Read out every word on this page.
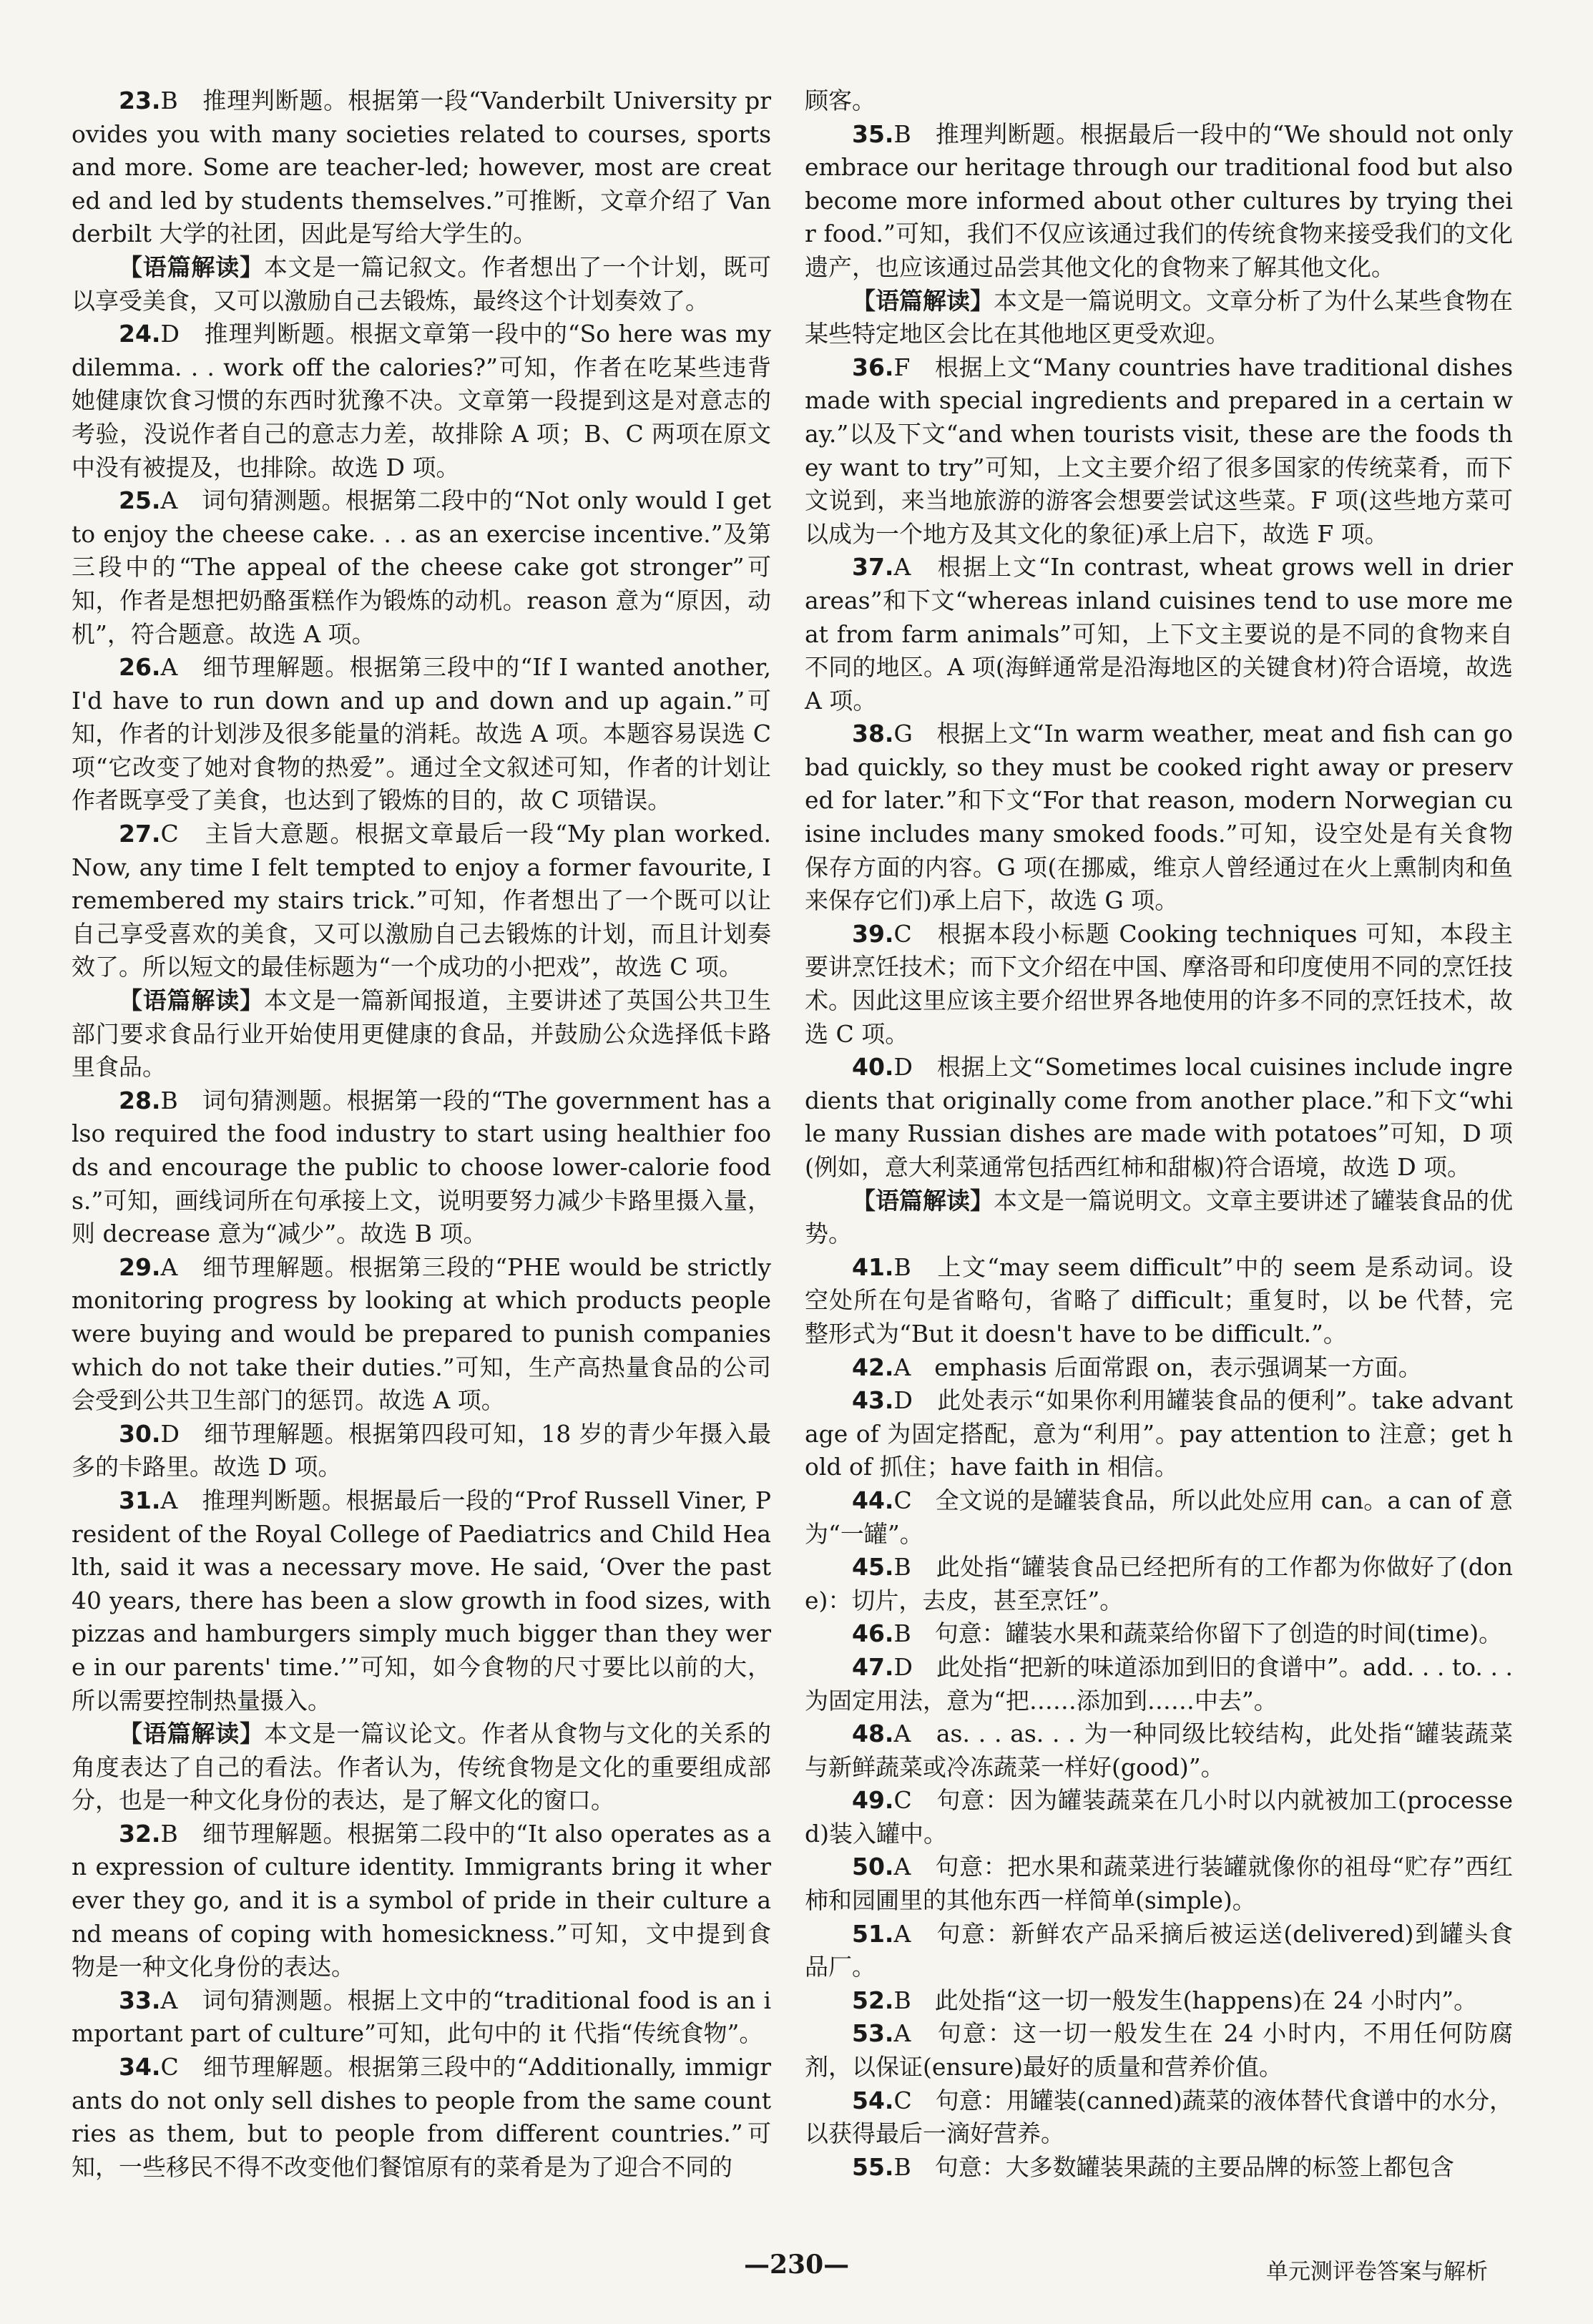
23.B　推理判断题。根据第一段“Vanderbilt University provides you with many societies related to courses, sports and more. Some are teacher-led; however, most are created and led by students themselves.”可推断，文章介绍了 Vanderbilt 大学的社团，因此是写给大学生的。

【语篇解读】本文是一篇记叙文。作者想出了一个计划，既可以享受美食，又可以激励自己去锻炼，最终这个计划奏效了。

24.D　推理判断题。根据文章第一段中的“So here was my dilemma. . . work off the calories?”可知，作者在吃某些违背她健康饮食习惯的东西时犹豫不决。文章第一段提到这是对意志的考验，没说作者自己的意志力差，故排除 A 项；B、C 两项在原文中没有被提及，也排除。故选 D 项。

25.A　词句猜测题。根据第二段中的“Not only would I get to enjoy the cheese cake. . . as an exercise incentive.”及第三段中的“The appeal of the cheese cake got stronger”可知，作者是想把奶酪蛋糕作为锻炼的动机。reason 意为“原因，动机”，符合题意。故选 A 项。

26.A　细节理解题。根据第三段中的“If I wanted another, I'd have to run down and up and down and up again.”可知，作者的计划涉及很多能量的消耗。故选 A 项。本题容易误选 C 项“它改变了她对食物的热爱”。通过全文叙述可知，作者的计划让作者既享受了美食，也达到了锻炼的目的，故 C 项错误。

27.C　主旨大意题。根据文章最后一段“My plan worked. Now, any time I felt tempted to enjoy a former favourite, I remembered my stairs trick.”可知，作者想出了一个既可以让自己享受喜欢的美食，又可以激励自己去锻炼的计划，而且计划奏效了。所以短文的最佳标题为“一个成功的小把戏”，故选 C 项。

【语篇解读】本文是一篇新闻报道，主要讲述了英国公共卫生部门要求食品行业开始使用更健康的食品，并鼓励公众选择低卡路里食品。

28.B　词句猜测题。根据第一段的“The government has also required the food industry to start using healthier foods and encourage the public to choose lower-calorie foods.”可知，画线词所在句承接上文，说明要努力减少卡路里摄入量，则 decrease 意为“减少”。故选 B 项。

29.A　细节理解题。根据第三段的“PHE would be strictly monitoring progress by looking at which products people were buying and would be prepared to punish companies which do not take their duties.”可知，生产高热量食品的公司会受到公共卫生部门的惩罚。故选 A 项。

30.D　细节理解题。根据第四段可知，18 岁的青少年摄入最多的卡路里。故选 D 项。

31.A　推理判断题。根据最后一段的“Prof Russell Viner, President of the Royal College of Paediatrics and Child Health, said it was a necessary move. He said, ‘Over the past 40 years, there has been a slow growth in food sizes, with pizzas and hamburgers simply much bigger than they were in our parents' time.’”可知，如今食物的尺寸要比以前的大，所以需要控制热量摄入。

【语篇解读】本文是一篇议论文。作者从食物与文化的关系的角度表达了自己的看法。作者认为，传统食物是文化的重要组成部分，也是一种文化身份的表达，是了解文化的窗口。

32.B　细节理解题。根据第二段中的“It also operates as an expression of culture identity. Immigrants bring it wherever they go, and it is a symbol of pride in their culture and means of coping with homesickness.”可知，文中提到食物是一种文化身份的表达。

33.A　词句猜测题。根据上文中的“traditional food is an important part of culture”可知，此句中的 it 代指“传统食物”。

34.C　细节理解题。根据第三段中的“Additionally, immigrants do not only sell dishes to people from the same countries as them, but to people from different countries.”可知，一些移民不得不改变他们餐馆原有的菜肴是为了迎合不同的

顾客。

35.B　推理判断题。根据最后一段中的“We should not only embrace our heritage through our traditional food but also become more informed about other cultures by trying their food.”可知，我们不仅应该通过我们的传统食物来接受我们的文化遗产，也应该通过品尝其他文化的食物来了解其他文化。

【语篇解读】本文是一篇说明文。文章分析了为什么某些食物在某些特定地区会比在其他地区更受欢迎。

36.F　根据上文“Many countries have traditional dishes made with special ingredients and prepared in a certain way.”以及下文“and when tourists visit, these are the foods they want to try”可知，上文主要介绍了很多国家的传统菜肴，而下文说到，来当地旅游的游客会想要尝试这些菜。F 项(这些地方菜可以成为一个地方及其文化的象征)承上启下，故选 F 项。

37.A　根据上文“In contrast, wheat grows well in drier areas”和下文“whereas inland cuisines tend to use more meat from farm animals”可知，上下文主要说的是不同的食物来自不同的地区。A 项(海鲜通常是沿海地区的关键食材)符合语境，故选 A 项。

38.G　根据上文“In warm weather, meat and fish can go bad quickly, so they must be cooked right away or preserved for later.”和下文“For that reason, modern Norwegian cuisine includes many smoked foods.”可知，设空处是有关食物保存方面的内容。G 项(在挪威，维京人曾经通过在火上熏制肉和鱼来保存它们)承上启下，故选 G 项。

39.C　根据本段小标题 Cooking techniques 可知，本段主要讲烹饪技术；而下文介绍在中国、摩洛哥和印度使用不同的烹饪技术。因此这里应该主要介绍世界各地使用的许多不同的烹饪技术，故选 C 项。

40.D　根据上文“Sometimes local cuisines include ingredients that originally come from another place.”和下文“while many Russian dishes are made with potatoes”可知，D 项(例如，意大利菜通常包括西红柿和甜椒)符合语境，故选 D 项。

【语篇解读】本文是一篇说明文。文章主要讲述了罐装食品的优势。

41.B　上文“may seem difficult”中的 seem 是系动词。设空处所在句是省略句，省略了 difficult；重复时，以 be 代替，完整形式为“But it doesn't have to be difficult.”。

42.A　emphasis 后面常跟 on，表示强调某一方面。

43.D　此处表示“如果你利用罐装食品的便利”。take advantage of 为固定搭配，意为“利用”。pay attention to 注意；get hold of 抓住；have faith in 相信。

44.C　全文说的是罐装食品，所以此处应用 can。a can of 意为“一罐”。

45.B　此处指“罐装食品已经把所有的工作都为你做好了(done)：切片，去皮，甚至烹饪”。

46.B　句意：罐装水果和蔬菜给你留下了创造的时间(time)。

47.D　此处指“把新的味道添加到旧的食谱中”。add. . . to. . . 为固定用法，意为“把……添加到……中去”。

48.A　as. . . as. . . 为一种同级比较结构，此处指“罐装蔬菜与新鲜蔬菜或冷冻蔬菜一样好(good)”。

49.C　句意：因为罐装蔬菜在几小时以内就被加工(processed)装入罐中。

50.A　句意：把水果和蔬菜进行装罐就像你的祖母“贮存”西红柿和园圃里的其他东西一样简单(simple)。

51.A　句意：新鲜农产品采摘后被运送(delivered)到罐头食品厂。

52.B　此处指“这一切一般发生(happens)在 24 小时内”。

53.A　句意：这一切一般发生在 24 小时内，不用任何防腐剂，以保证(ensure)最好的质量和营养价值。

54.C　句意：用罐装(canned)蔬菜的液体替代食谱中的水分，以获得最后一滴好营养。

55.B　句意：大多数罐装果蔬的主要品牌的标签上都包含

—230—	单元测评卷答案与解析
